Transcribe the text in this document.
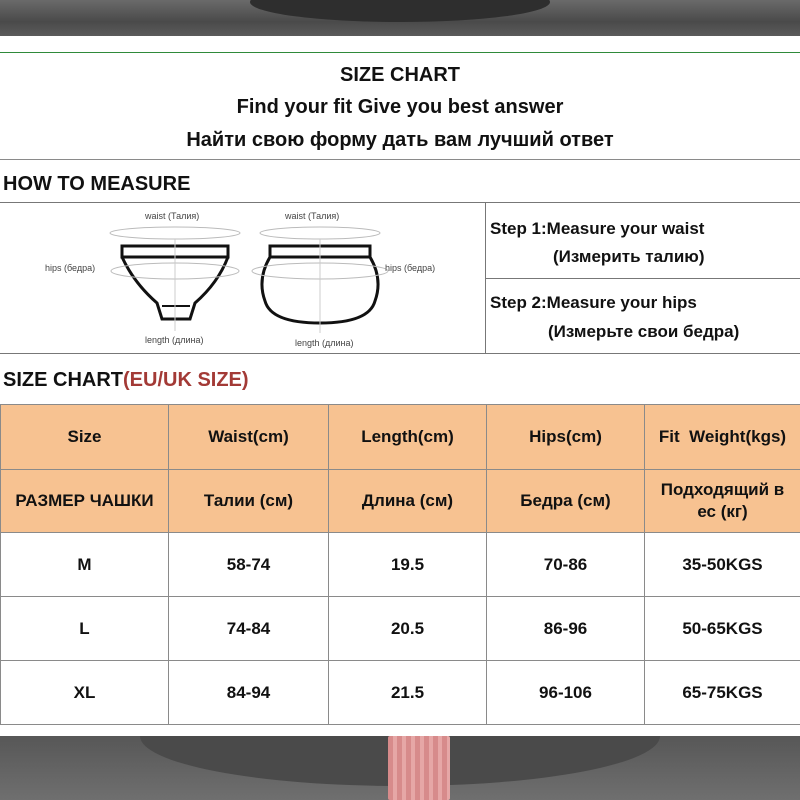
SIZE CHART
Find your fit Give you best answer
Найти свою форму дать вам лучший ответ
HOW TO MEASURE
waist (Талия)
hips (бедра)
length (длина)
waist (Талия)
hips (бедра)
length (длина)
Step 1:Measure your waist
(Измерить талию)
Step 2:Measure your hips
(Измерьте свои бедра)
SIZE CHART(EU/UK SIZE)
Size	Waist(cm)	Length(cm)	Hips(cm)	Fit  Weight(kgs)
РАЗМЕР ЧАШКИ	Талии (см)	Длина (см)	Бедра (см)	Подходящий в
ес (кг)

M	58-74	19.5	70-86	35-50KGS
L	74-84	20.5	86-96	50-65KGS
XL	84-94	21.5	96-106	65-75KGS
